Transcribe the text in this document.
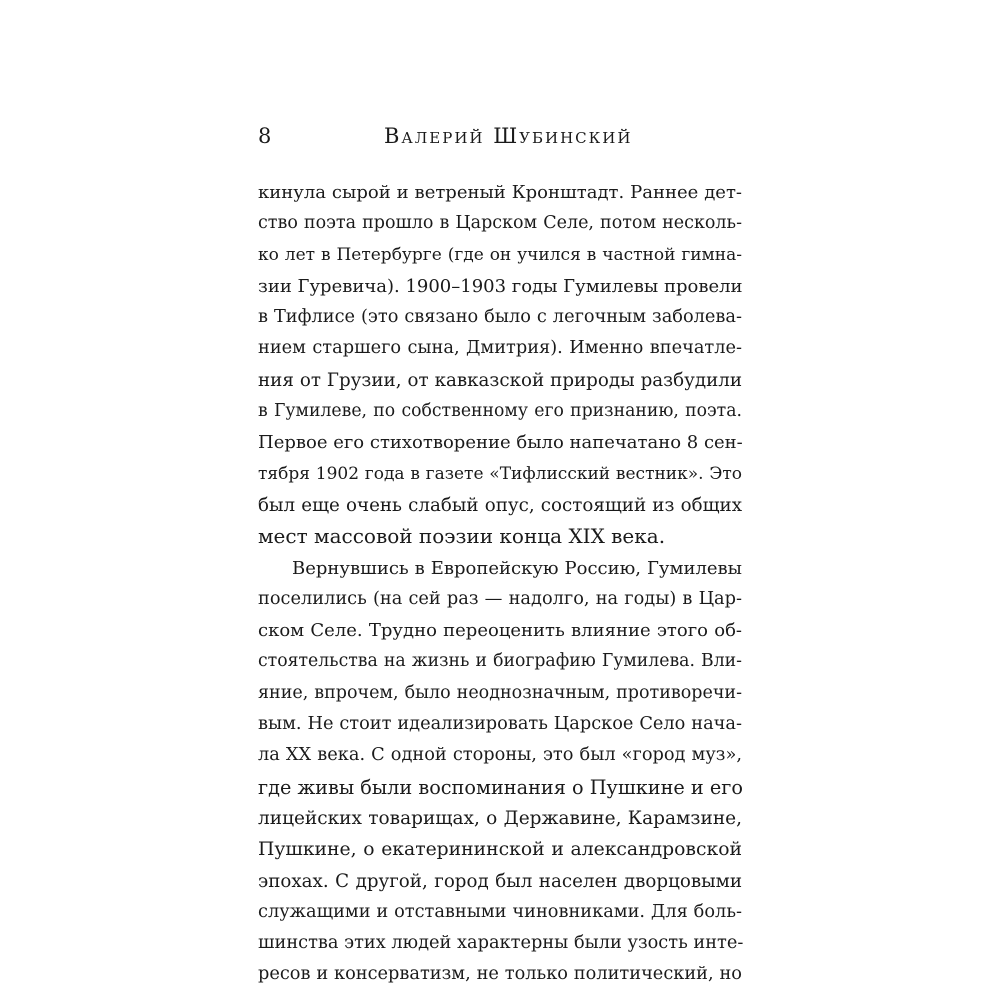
8	Валерий Шубинский
кинула сырой и ветреный Кронштадт. Раннее дет-
ство поэта прошло в Царском Селе, потом несколь-
ко лет в Петербурге (где он учился в частной гимна-
зии Гуревича). 1900–1903 годы Гумилевы провели
в Тифлисе (это связано было с легочным заболева-
нием старшего сына, Дмитрия). Именно впечатле-
ния от Грузии, от кавказской природы разбудили
в Гумилеве, по собственному его признанию, поэта.
Первое его стихотворение было напечатано 8 сен-
тября 1902 года в газете «Тифлисский вестник». Это
был еще очень слабый опус, состоящий из общих
мест массовой поэзии конца XIX века.
Вернувшись в Европейскую Россию, Гумилевы
поселились (на сей раз — надолго, на годы) в Цар-
ском Селе. Трудно переоценить влияние этого об-
стоятельства на жизнь и биографию Гумилева. Вли-
яние, впрочем, было неоднозначным, противоречи-
вым. Не стоит идеализировать Царское Село нача-
ла XX века. С одной стороны, это был «город муз»,
где живы были воспоминания о Пушкине и его
лицейских товарищах, о Державине, Карамзине,
Пушкине, о екатерининской и александровской
эпохах. С другой, город был населен дворцовыми
служащими и отставными чиновниками. Для боль-
шинства этих людей характерны были узость инте-
ресов и консерватизм, не только политический, но
